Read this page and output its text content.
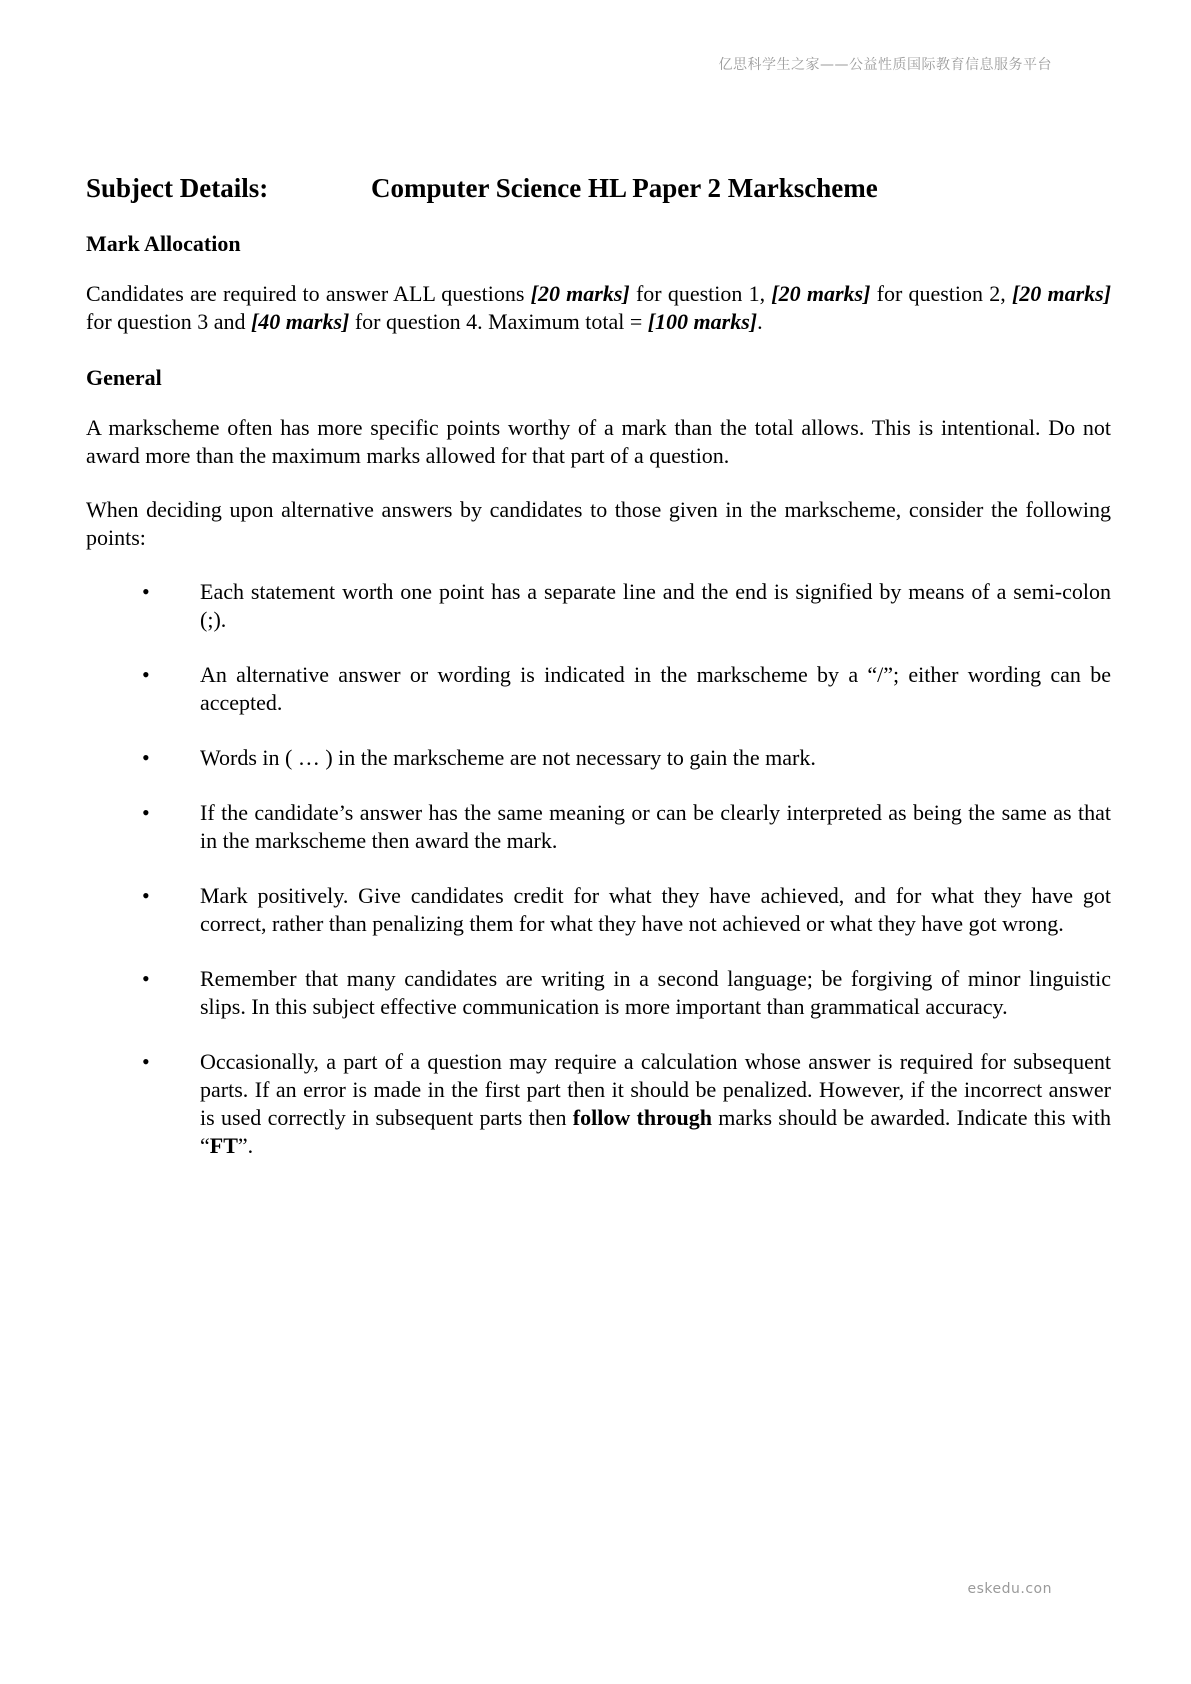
亿思科学生之家——公益性质国际教育信息服务平台
Subject Details:	Computer Science HL Paper 2 Markscheme
Mark Allocation

Candidates are required to answer ALL questions [20 marks] for question 1, [20 marks] for question 2, [20 marks] for question 3 and [40 marks] for question 4. Maximum total = [100 marks].

General

A markscheme often has more specific points worthy of a mark than the total allows. This is intentional. Do not award more than the maximum marks allowed for that part of a question.

When deciding upon alternative answers by candidates to those given in the markscheme, consider the following points:

• Each statement worth one point has a separate line and the end is signified by means of a semi-colon (;).
• An alternative answer or wording is indicated in the markscheme by a “/”; either wording can be accepted.
• Words in ( … ) in the markscheme are not necessary to gain the mark.
• If the candidate’s answer has the same meaning or can be clearly interpreted as being the same as that in the markscheme then award the mark.
• Mark positively. Give candidates credit for what they have achieved, and for what they have got correct, rather than penalizing them for what they have not achieved or what they have got wrong.
• Remember that many candidates are writing in a second language; be forgiving of minor linguistic slips. In this subject effective communication is more important than grammatical accuracy.
• Occasionally, a part of a question may require a calculation whose answer is required for subsequent parts. If an error is made in the first part then it should be penalized. However, if the incorrect answer is used correctly in subsequent parts then follow through marks should be awarded. Indicate this with “FT”.
eskedu.con
